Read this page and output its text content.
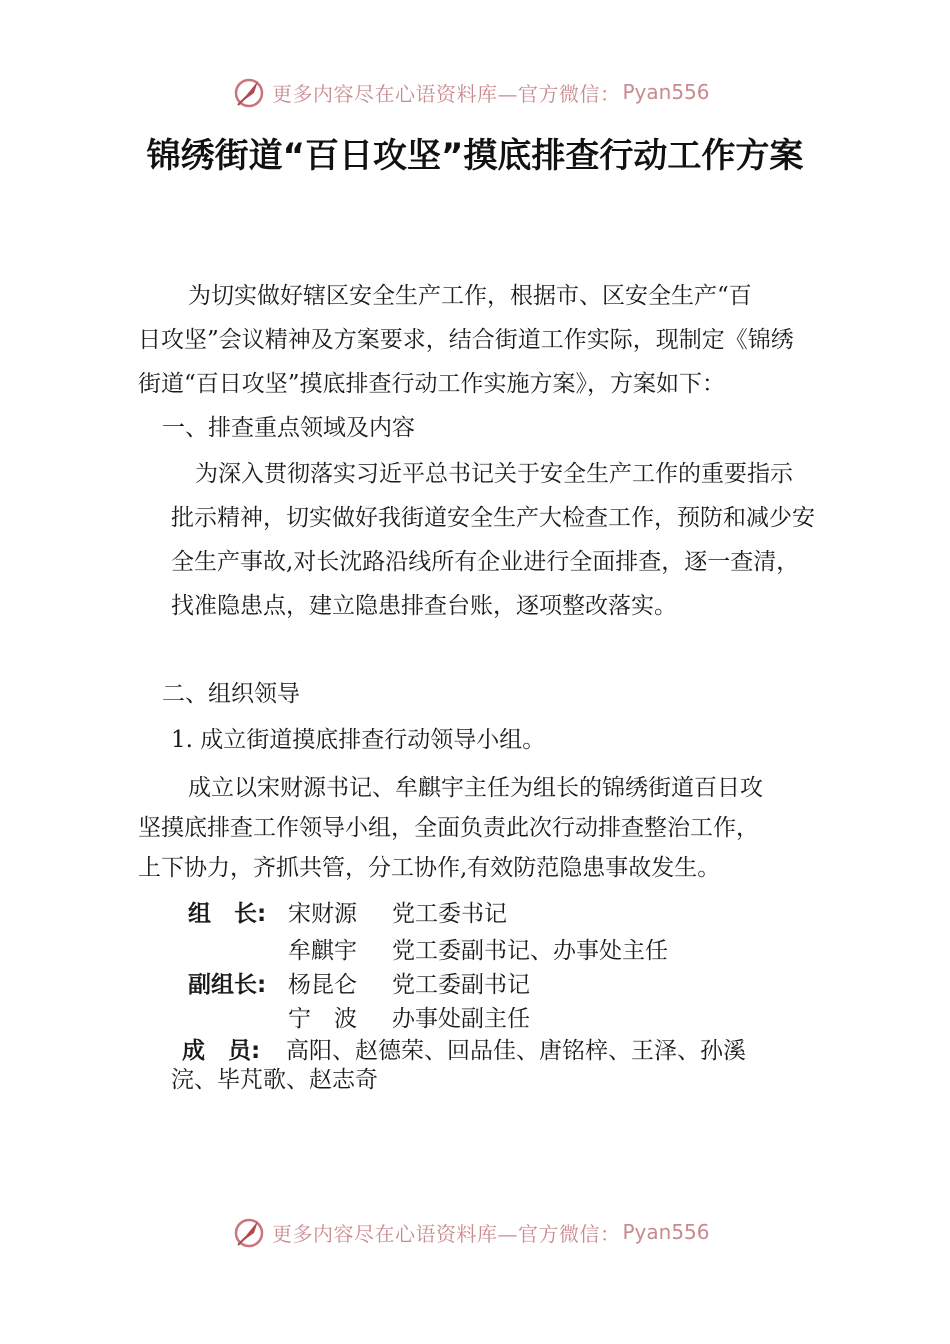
更多内容尽在心语资料库—官方微信： Pyan556
锦绣街道“百日攻坚”摸底排查行动工作方案
为切实做好辖区安全生产工作，根据市、区安全生产“百
日攻坚”会议精神及方案要求，结合街道工作实际，现制定《锦绣
街道“百日攻坚”摸底排查行动工作实施方案》，方案如下：
一、排查重点领域及内容
为深入贯彻落实习近平总书记关于安全生产工作的重要指示批示精神，切实做好我街道安全生产大检查工作，预防和减少安全生产事故,对长沈路沿线所有企业进行全面排查，逐一查清，找准隐患点，建立隐患排查台账，逐项整改落实。
二、组织领导
1. 成立街道摸底排查行动领导小组。
成立以宋财源书记、牟麒宇主任为组长的锦绣街道百日攻
坚摸底排查工作领导小组，全面负责此次行动排查整治工作，
上下协力，齐抓共管，分工协作,有效防范隐患事故发生。
组　长: 宋财源	党工委书记
牟麒宇	党工委副书记、办事处主任
副组长: 杨昆仑	党工委副书记
宁　波	办事处副主任
成　员:	高阳、赵德荣、回品佳、唐铭梓、王泽、孙溪
浣、毕芃歌、赵志奇
更多内容尽在心语资料库—官方微信： Pyan556
